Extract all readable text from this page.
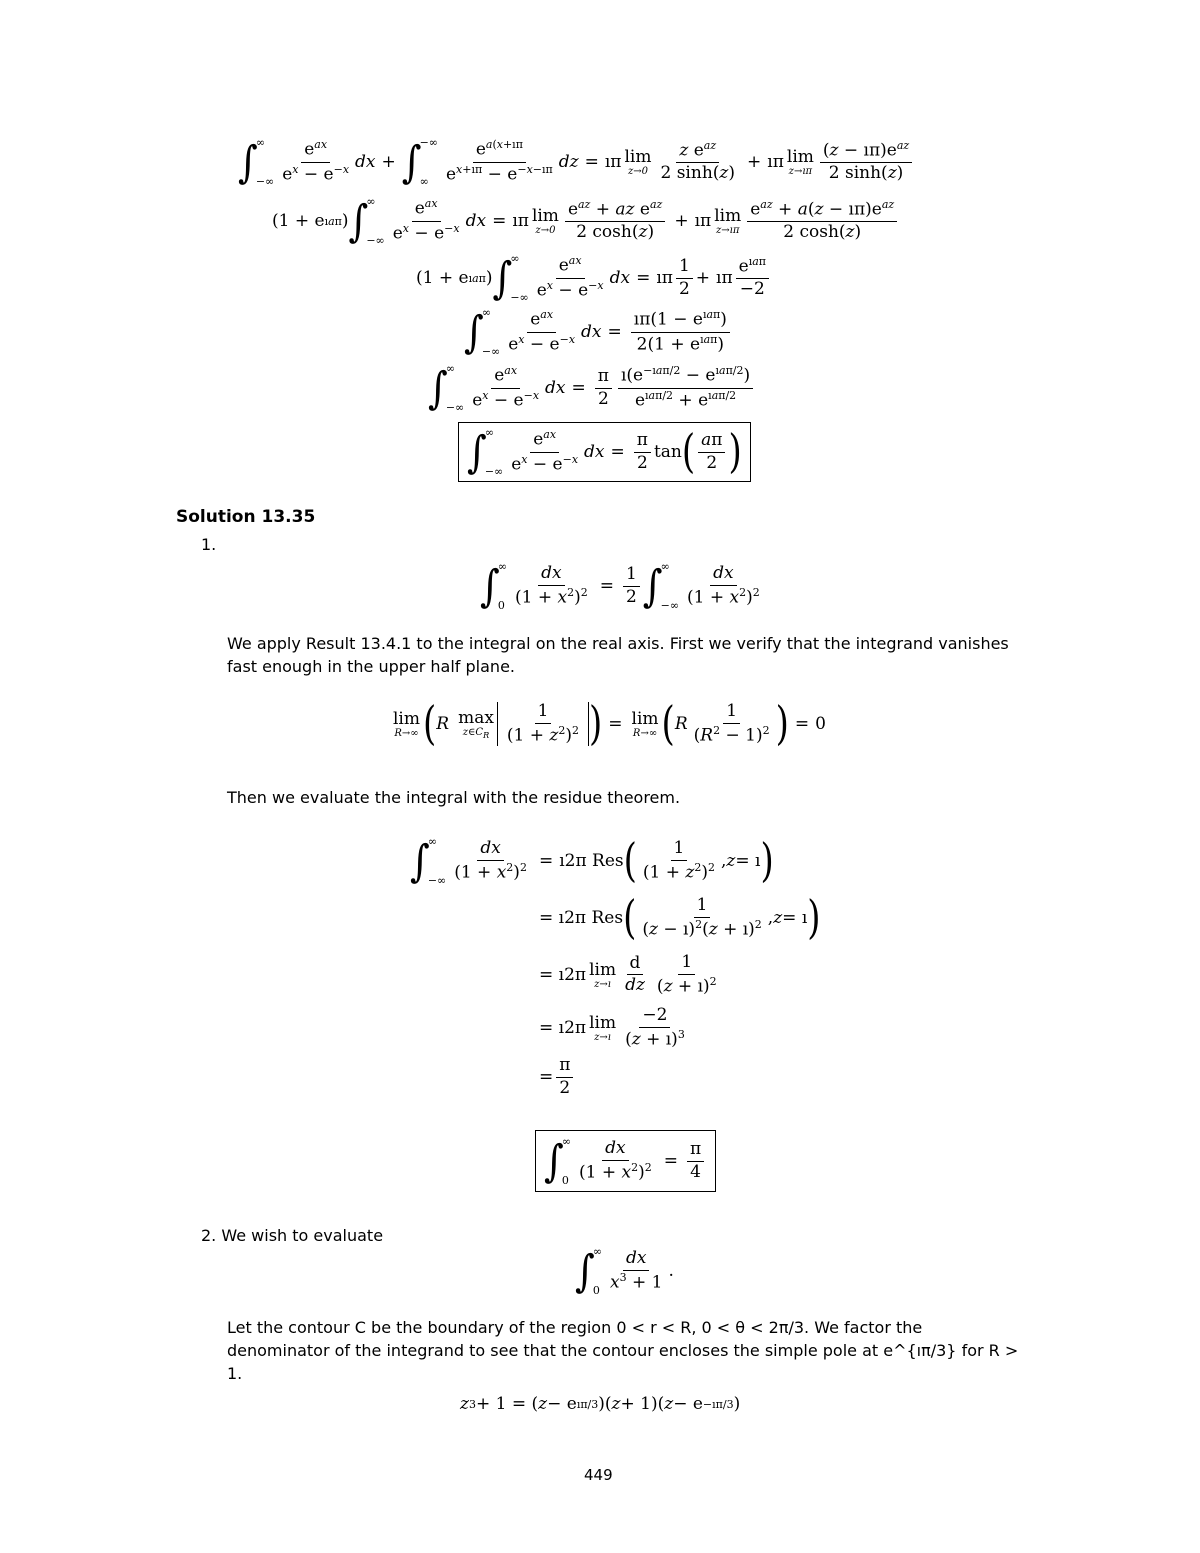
∫
∞
−∞ $\frac{e^{ax}}{e^x - e^{-x}}$ dx + ∫
−∞
∞ $\frac{e^{a(x+ı\pi}}{e^{x+ı\pi} - e^{-x-ı\pi}}$ dz = ıπ lim
$z\to 0 \frac{z e^{az}}{2 \sinh(z)}$ + ıπ lim
z→ıπ $\frac{(z - ı\pi)e^{az}}{2 \sinh(z)}$
(1 + e ıaπ ) ∫
∞
−∞ $\frac{e^{ax}}{e^x - e^{-x}}$ dx = ıπ lim
$z\to 0 \frac{e^{az} + az e^{az}}{2 \cosh(z)}$ + ıπ lim
z→ıπ $\frac{e^{az} + a(z - ı\pi)e^{az}}{2 \cosh(z)}$
(1 + e ıaπ ) ∫
∞
−∞ $\frac{e^{ax}}{e^x - e^{-x}}$ dx = ıπ $\frac{1}{2}$ + ıπ $\frac{e^{ıa\pi}}{-2}$
∫
∞
−∞ $\frac{e^{ax}}{e^x - e^{-x}}$ dx = $\frac{ı\pi(1 - e^{ıa\pi})}{2(1 + e^{ıa\pi})}$
∫
∞
−∞ $\frac{e^{ax}}{e^x - e^{-x}}$ dx = $\frac{\pi}{2} \frac{ı(e^{-ıa\pi/2} - e^{ıa\pi/2})}{e^{ıa\pi/2} + e^{ıa\pi/2}}$
∫
∞
−∞ $\frac{e^{ax}}{e^x - e^{-x}}$ dx = $\frac{\pi}{2}$ tan ( $\frac{a\pi}{2}$ )
Solution 13.35
1.
∫
∞
$0 \frac{dx}{(1 + x^2)^2} = \frac{1}{2}$ ∫
∞
−∞ $\frac{dx}{(1 + x^2)^2}$
We apply Result 13.4.1 to the integral on the real axis. First we verify that the integrand vanishes fast enough in the upper half plane.
lim
R→∞ ( R max
$z\in C_R \frac{1}{(1 + z^2)^2}$ ) = lim
R→∞ ( R $\frac{1}{(R^2 - 1)^2}$ ) = 0
Then we evaluate the integral with the residue theorem.
∫
∞
−∞ $\frac{dx}{(1 + x^2)^2}$ = ı2π Res ( $\frac{1}{(1 + z^2)^2}$ , z = ı )
= ı2π Res ( $\frac{1}{(z - ı)^2(z + ı)^2}$ , z = ı )
= ı2π lim
z→ı $\frac{d}{dz} \frac{1}{(z + ı)^2}$
= ı2π lim
z→ı $\frac{-2}{(z + ı)^3}$
= $\frac{\pi}{2}$
∫
∞
$0 \frac{dx}{(1 + x^2)^2} = \frac{\pi}{4}$
2. We wish to evaluate
∫
∞
$0 \frac{dx}{x^3 + 1}$ .
Let the contour C be the boundary of the region 0 < r < R, 0 < θ < 2π/3. We factor the denominator of the integrand to see that the contour encloses the simple pole at e^{ıπ/3} for R > 1.
z 3 + 1 = ( z − e ıπ/3 )( z + 1)( z − e −ıπ/3 )
449
